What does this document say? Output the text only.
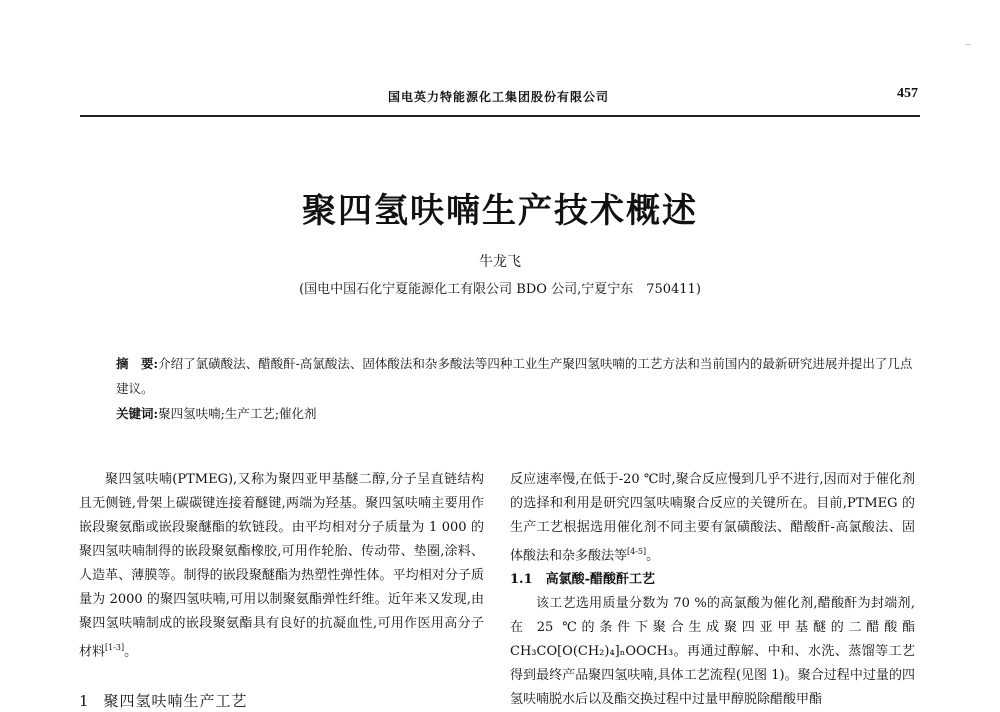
~
国电英力特能源化工集团股份有限公司	457
聚四氢呋喃生产技术概述
牛龙飞
(国电中国石化宁夏能源化工有限公司 BDO 公司,宁夏宁东　750411)
摘　要:介绍了氯磺酸法、醋酸酐-高氯酸法、固体酸法和杂多酸法等四种工业生产聚四氢呋喃的工艺方法和当前国内的最新研究进展并提出了几点建议。
关键词:聚四氢呋喃;生产工艺;催化剂

聚四氢呋喃(PTMEG),又称为聚四亚甲基醚二醇,分子呈直链结构且无侧链,骨架上碳碳键连接着醚键,两端为羟基。聚四氢呋喃主要用作嵌段聚氨酯或嵌段聚醚酯的软链段。由平均相对分子质量为 1 000 的聚四氢呋喃制得的嵌段聚氨酯橡胶,可用作轮胎、传动带、垫圈,涂料、人造革、薄膜等。制得的嵌段聚醚酯为热塑性弹性体。平均相对分子质量为 2000 的聚四氢呋喃,可用以制聚氨酯弹性纤维。近年来又发现,由聚四氢呋喃制成的嵌段聚氨酯具有良好的抗凝血性,可用作医用高分子材料[1-3]。

1 聚四氢呋喃生产工艺

反应速率慢,在低于-20 ℃时,聚合反应慢到几乎不进行,因而对于催化剂的选择和利用是研究四氢呋喃聚合反应的关键所在。目前,PTMEG 的生产工艺根据选用催化剂不同主要有氯磺酸法、醋酸酐-高氯酸法、固体酸法和杂多酸法等[4-5]。

1.1　高氯酸-醋酸酐工艺

该工艺选用质量分数为 70 %的高氯酸为催化剂,醋酸酐为封端剂,在 25 ℃的条件下聚合生成聚四亚甲基醚的二醋酸酯 CH₃CO[O(CH₂)₄]ₙOOCH₃。再通过醇解、中和、水洗、蒸馏等工艺得到最终产品聚四氢呋喃,具体工艺流程(见图 1)。聚合过程中过量的四氢呋喃脱水后以及酯交换过程中过量甲醇脱除醋酸甲酯
